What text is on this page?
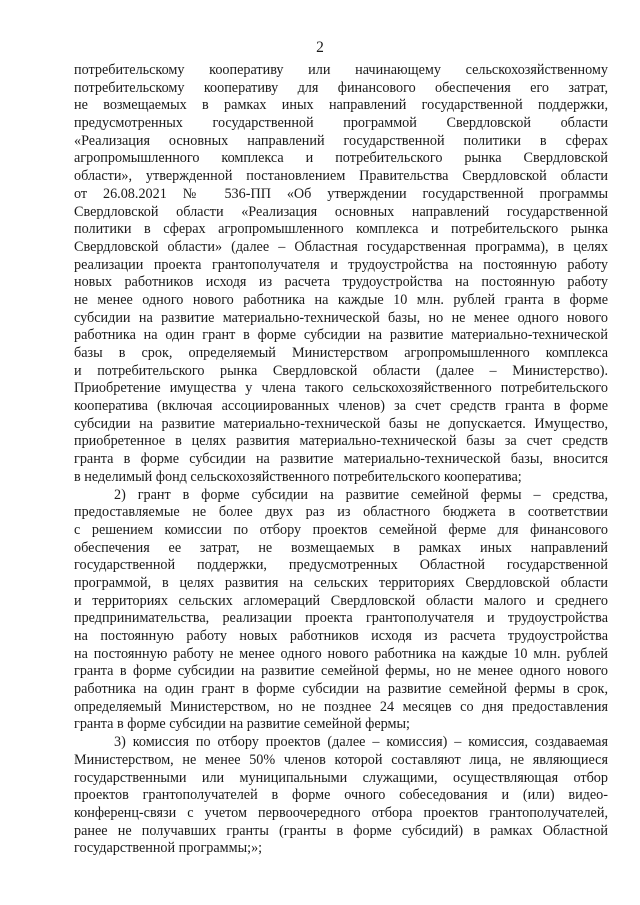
2
потребительскому кооперативу или начинающему сельскохозяйственному
потребительскому кооперативу для финансового обеспечения его затрат,
не возмещаемых в рамках иных направлений государственной поддержки,
предусмотренных государственной программой Свердловской области
«Реализация основных направлений государственной политики в сферах
агропромышленного комплекса и потребительского рынка Свердловской
области», утвержденной постановлением Правительства Свердловской области
от 26.08.2021 № 536-ПП «Об утверждении государственной программы
Свердловской области «Реализация основных направлений государственной
политики в сферах агропромышленного комплекса и потребительского рынка
Свердловской области» (далее – Областная государственная программа), в целях
реализации проекта грантополучателя и трудоустройства на постоянную работу
новых работников исходя из расчета трудоустройства на постоянную работу
не менее одного нового работника на каждые 10 млн. рублей гранта в форме
субсидии на развитие материально-технической базы, но не менее одного нового
работника на один грант в форме субсидии на развитие материально-технической
базы в срок, определяемый Министерством агропромышленного комплекса
и потребительского рынка Свердловской области (далее – Министерство).
Приобретение имущества у члена такого сельскохозяйственного потребительского
кооператива (включая ассоциированных членов) за счет средств гранта в форме
субсидии на развитие материально-технической базы не допускается. Имущество,
приобретенное в целях развития материально-технической базы за счет средств
гранта в форме субсидии на развитие материально-технической базы, вносится
в неделимый фонд сельскохозяйственного потребительского кооператива;
2) грант в форме субсидии на развитие семейной фермы – средства,
предоставляемые не более двух раз из областного бюджета в соответствии
с решением комиссии по отбору проектов семейной ферме для финансового
обеспечения ее затрат, не возмещаемых в рамках иных направлений
государственной поддержки, предусмотренных Областной государственной
программой, в целях развития на сельских территориях Свердловской области
и территориях сельских агломераций Свердловской области малого и среднего
предпринимательства, реализации проекта грантополучателя и трудоустройства
на постоянную работу новых работников исходя из расчета трудоустройства
на постоянную работу не менее одного нового работника на каждые 10 млн. рублей
гранта в форме субсидии на развитие семейной фермы, но не менее одного нового
работника на один грант в форме субсидии на развитие семейной фермы в срок,
определяемый Министерством, но не позднее 24 месяцев со дня предоставления
гранта в форме субсидии на развитие семейной фермы;
3) комиссия по отбору проектов (далее – комиссия) – комиссия, создаваемая
Министерством, не менее 50% членов которой составляют лица, не являющиеся
государственными или муниципальными служащими, осуществляющая отбор
проектов грантополучателей в форме очного собеседования и (или) видео-
конференц-связи с учетом первоочередного отбора проектов грантополучателей,
ранее не получавших гранты (гранты в форме субсидий) в рамках Областной
государственной программы;»;
